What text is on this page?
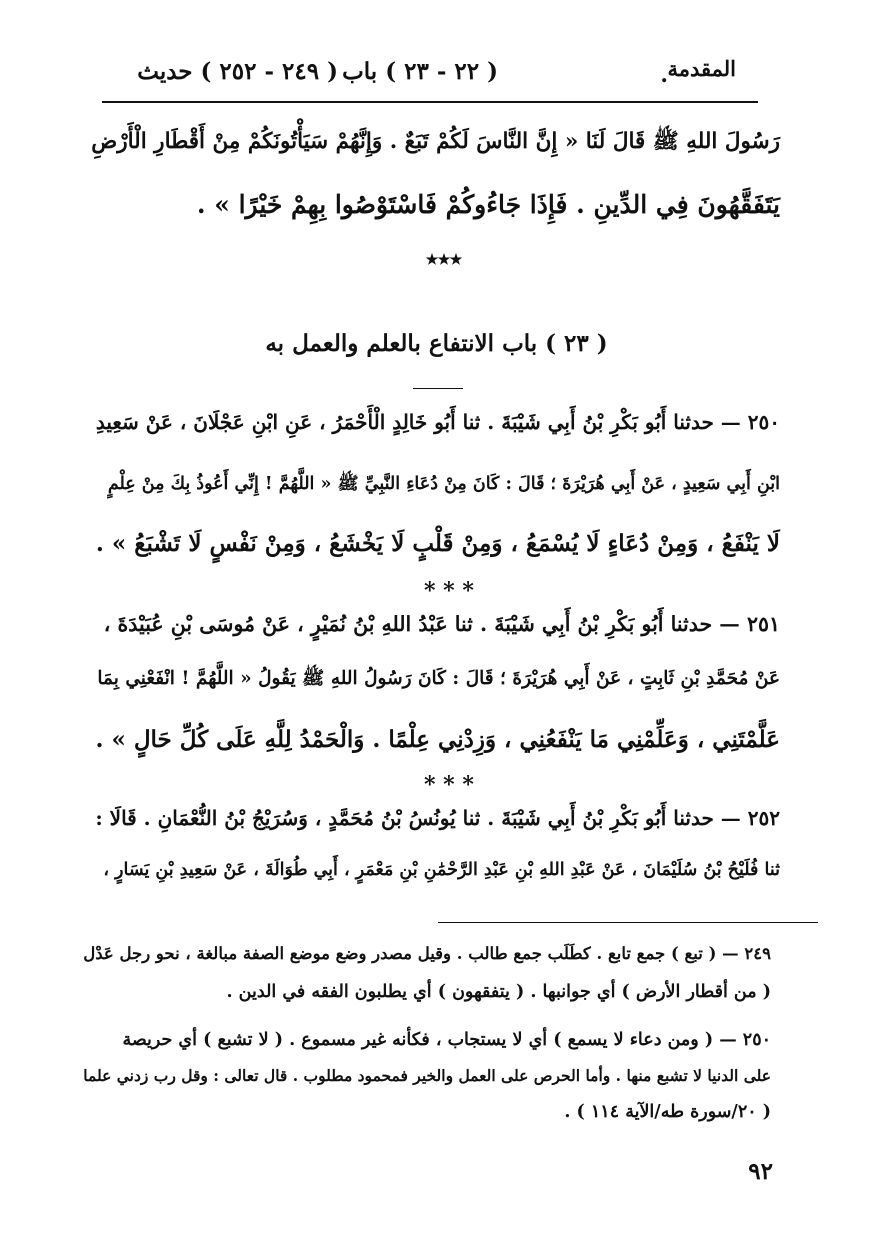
المقدمة
.
( ٢٢ - ٢٣ ) باب
( ٢٤٩ - ٢٥٢ ) حديث
رَسُولَ اللهِ ﷺ قَالَ لَنَا « إِنَّ النَّاسَ لَكُمْ تَبَعٌ . وَإِنَّهُمْ سَيَأْتُونَكُمْ مِنْ أَقْطَارِ الْأَرْضِ
يَتَفَقَّهُونَ فِي الدِّينِ . فَإِذَا جَاءُوكُمْ فَاسْتَوْصُوا بِهِمْ خَيْرًا » .
٭٭٭
( ٢٣ ) باب الانتفاع بالعلم والعمل به
٢٥٠ — حدثنا أَبُو بَكْرِ بْنُ أَبِي شَيْبَةَ . ثنا أَبُو خَالِدٍ الْأَحْمَرُ ، عَنِ ابْنِ عَجْلَانَ ، عَنْ سَعِيدِ
ابْنِ أَبِي سَعِيدٍ ، عَنْ أَبِي هُرَيْرَةَ ؛ قَالَ : كَانَ مِنْ دُعَاءِ النَّبِيِّ ﷺ « اللَّهُمَّ ! إِنِّي أَعُوذُ بِكَ مِنْ عِلْمٍ
لَا يَنْفَعُ ، وَمِنْ دُعَاءٍ لَا يُسْمَعُ ، وَمِنْ قَلْبٍ لَا يَخْشَعُ ، وَمِنْ نَفْسٍ لَا تَشْبَعُ » .
* * *
٢٥١ — حدثنا أَبُو بَكْرِ بْنُ أَبِي شَيْبَةَ . ثنا عَبْدُ اللهِ بْنُ نُمَيْرٍ ، عَنْ مُوسَى بْنِ عُبَيْدَةَ ،
عَنْ مُحَمَّدِ بْنِ ثَابِتٍ ، عَنْ أَبِي هُرَيْرَةَ ؛ قَالَ : كَانَ رَسُولُ اللهِ ﷺ يَقُولُ « اللَّهُمَّ ! انْفَعْنِي بِمَا
عَلَّمْتَنِي ، وَعَلِّمْنِي مَا يَنْفَعُنِي ، وَزِدْنِي عِلْمًا . وَالْحَمْدُ لِلَّهِ عَلَى كُلِّ حَالٍ » .
* * *
٢٥٢ — حدثنا أَبُو بَكْرِ بْنُ أَبِي شَيْبَةَ . ثنا يُونُسُ بْنُ مُحَمَّدٍ ، وَسُرَيْجُ بْنُ النُّعْمَانِ . قَالَا :
ثنا فُلَيْحُ بْنُ سُلَيْمَانَ ، عَنْ عَبْدِ اللهِ بْنِ عَبْدِ الرَّحْمَٰنِ بْنِ مَعْمَرٍ ، أَبِي طُوَالَةَ ، عَنْ سَعِيدِ بْنِ يَسَارٍ ،
٢٤٩ — ( تبع ) جمع تابع . كطَلَب جمع طالب . وقيل مصدر وضع موضع الصفة مبالغة ، نحو رجل عَدْل
( من أقطار الأرض ) أي جوانبها . ( يتفقهون ) أي يطلبون الفقه في الدين .
٢٥٠ — ( ومن دعاء لا يسمع ) أي لا يستجاب ، فكأنه غير مسموع . ( لا تشبع ) أي حريصة
على الدنيا لا تشبع منها . وأما الحرص على العمل والخير فمحمود مطلوب . قال تعالى : وقل رب زدني علما
( ٢٠/سورة طه/الآية ١١٤ ) .
٩٢
